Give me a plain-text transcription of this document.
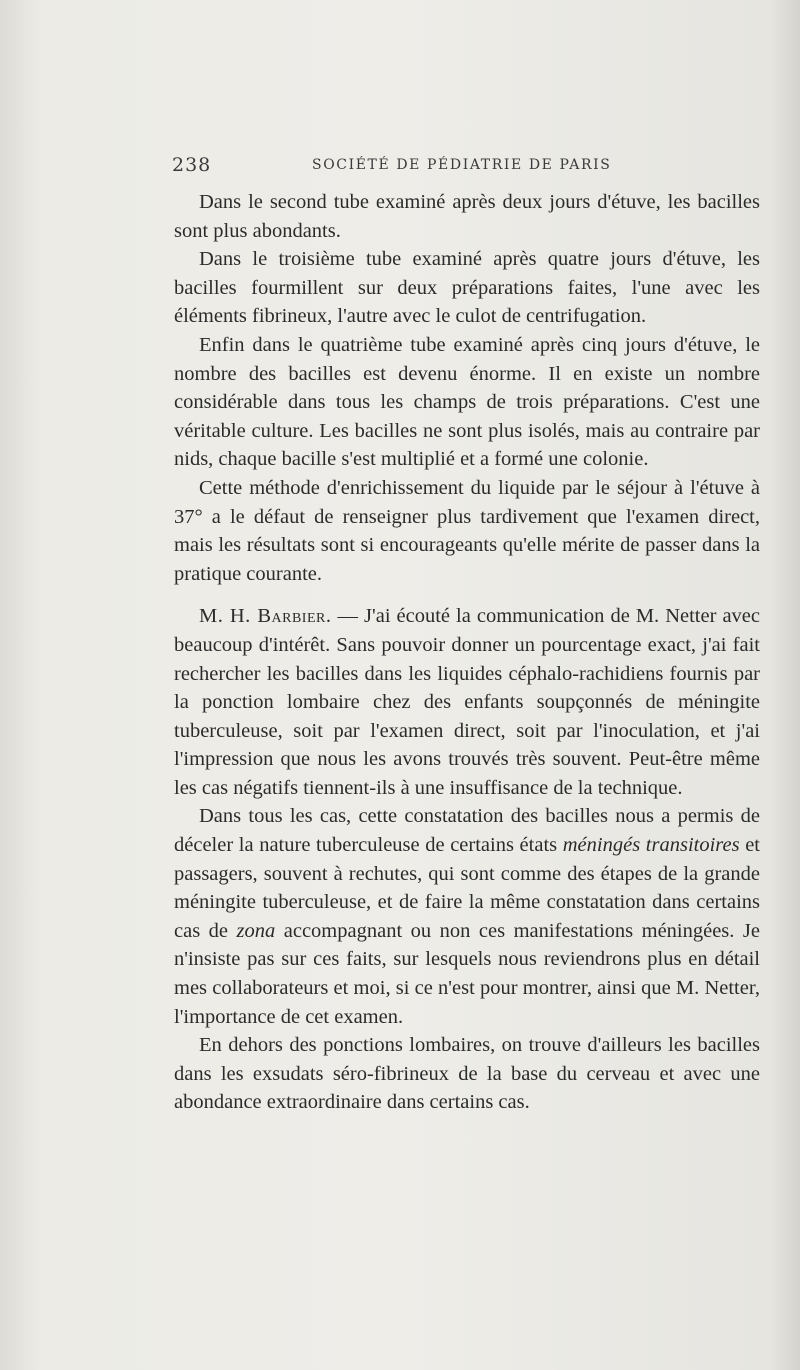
238	SOCIÉTÉ DE PÉDIATRIE DE PARIS

Dans le second tube examiné après deux jours d'étuve, les bacilles sont plus abondants.

Dans le troisième tube examiné après quatre jours d'étuve, les bacilles fourmillent sur deux préparations faites, l'une avec les éléments fibrineux, l'autre avec le culot de centrifugation.

Enfin dans le quatrième tube examiné après cinq jours d'étuve, le nombre des bacilles est devenu énorme. Il en existe un nombre considérable dans tous les champs de trois préparations. C'est une véritable culture. Les bacilles ne sont plus isolés, mais au contraire par nids, chaque bacille s'est multiplié et a formé une colonie.

Cette méthode d'enrichissement du liquide par le séjour à l'étuve à 37° a le défaut de renseigner plus tardivement que l'examen direct, mais les résultats sont si encourageants qu'elle mérite de passer dans la pratique courante.

M. H. Barbier. — J'ai écouté la communication de M. Netter avec beaucoup d'intérêt. Sans pouvoir donner un pourcentage exact, j'ai fait rechercher les bacilles dans les liquides céphalo-rachidiens fournis par la ponction lombaire chez des enfants soupçonnés de méningite tuberculeuse, soit par l'examen direct, soit par l'inoculation, et j'ai l'impression que nous les avons trouvés très souvent. Peut-être même les cas négatifs tiennent-ils à une insuffisance de la technique.

Dans tous les cas, cette constatation des bacilles nous a permis de déceler la nature tuberculeuse de certains états méningés transitoires et passagers, souvent à rechutes, qui sont comme des étapes de la grande méningite tuberculeuse, et de faire la même constatation dans certains cas de zona accompagnant ou non ces manifestations méningées. Je n'insiste pas sur ces faits, sur lesquels nous reviendrons plus en détail mes collaborateurs et moi, si ce n'est pour montrer, ainsi que M. Netter, l'importance de cet examen.

En dehors des ponctions lombaires, on trouve d'ailleurs les bacilles dans les exsudats séro-fibrineux de la base du cerveau et avec une abondance extraordinaire dans certains cas.
